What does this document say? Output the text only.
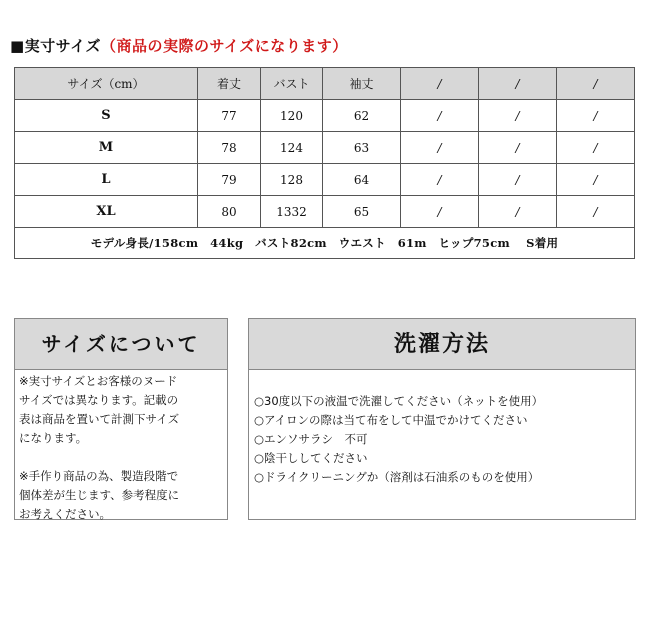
■実寸サイズ（商品の実際のサイズになります）
サイズ（cm）	着丈	バスト	袖丈	/	/	/
S	77	120	62	/	/	/
M	78	124	63	/	/	/
L	79	128	64	/	/	/
XL	80	1332	65	/	/	/
モデル身長/158cm　44kg　バスト82cm　ウエスト　61m　ヒップ75cm　 S着用						
サイズについて
※実寸サイズとお客様のヌード
サイズでは異なります。記載の
表は商品を置いて計測下サイズ
になります。
※手作り商品の為、製造段階で
個体差が生じます、参考程度に
お考えください。
洗濯方法
○30度以下の液温で洗濯してください（ネットを使用）
○アイロンの際は当て布をして中温でかけてください
○エンソサラシ　不可
○陰干ししてください
○ドライクリーニングか（溶剤は石油系のものを使用）
